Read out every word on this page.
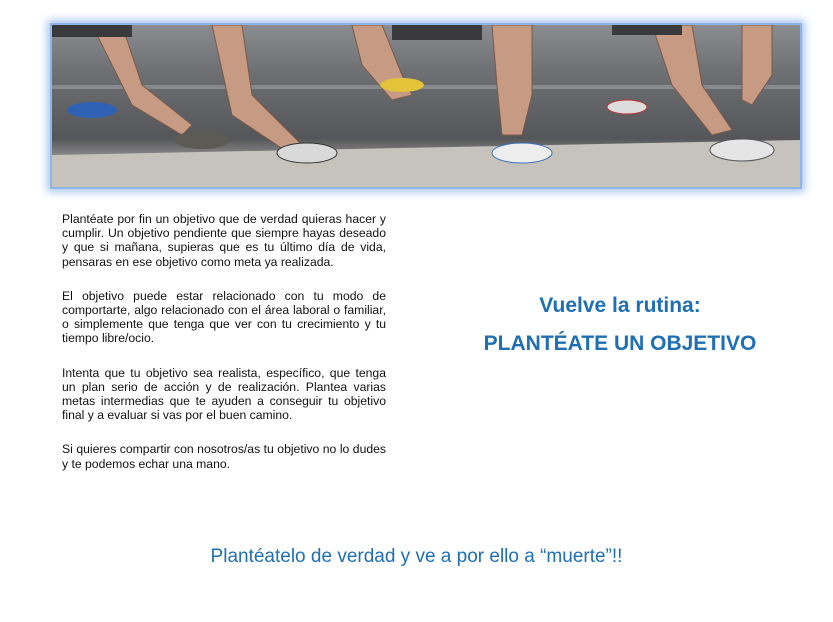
Plantéate por fin un objetivo que de verdad quieras hacer y cumplir. Un objetivo pendiente que siempre hayas deseado y que si mañana, supieras que es tu último día de vida, pensaras en ese objetivo como meta ya realizada.

El objetivo puede estar relacionado con tu modo de comportarte, algo relacionado con el área laboral o familiar, o simplemente que tenga que ver con tu crecimiento y tu tiempo libre/ocio.

Intenta que tu objetivo sea realista, específico, que tenga un plan serio de acción y de realización. Plantea varias metas intermedias que te ayuden a conseguir tu objetivo final y a evaluar si vas por el buen camino.

Si quieres compartir con nosotros/as tu objetivo no lo dudes y te podemos echar una mano.

Vuelve la rutina:
PLANTÉATE UN OBJETIVO
Plantéatelo de verdad y ve a por ello a “muerte”!!
